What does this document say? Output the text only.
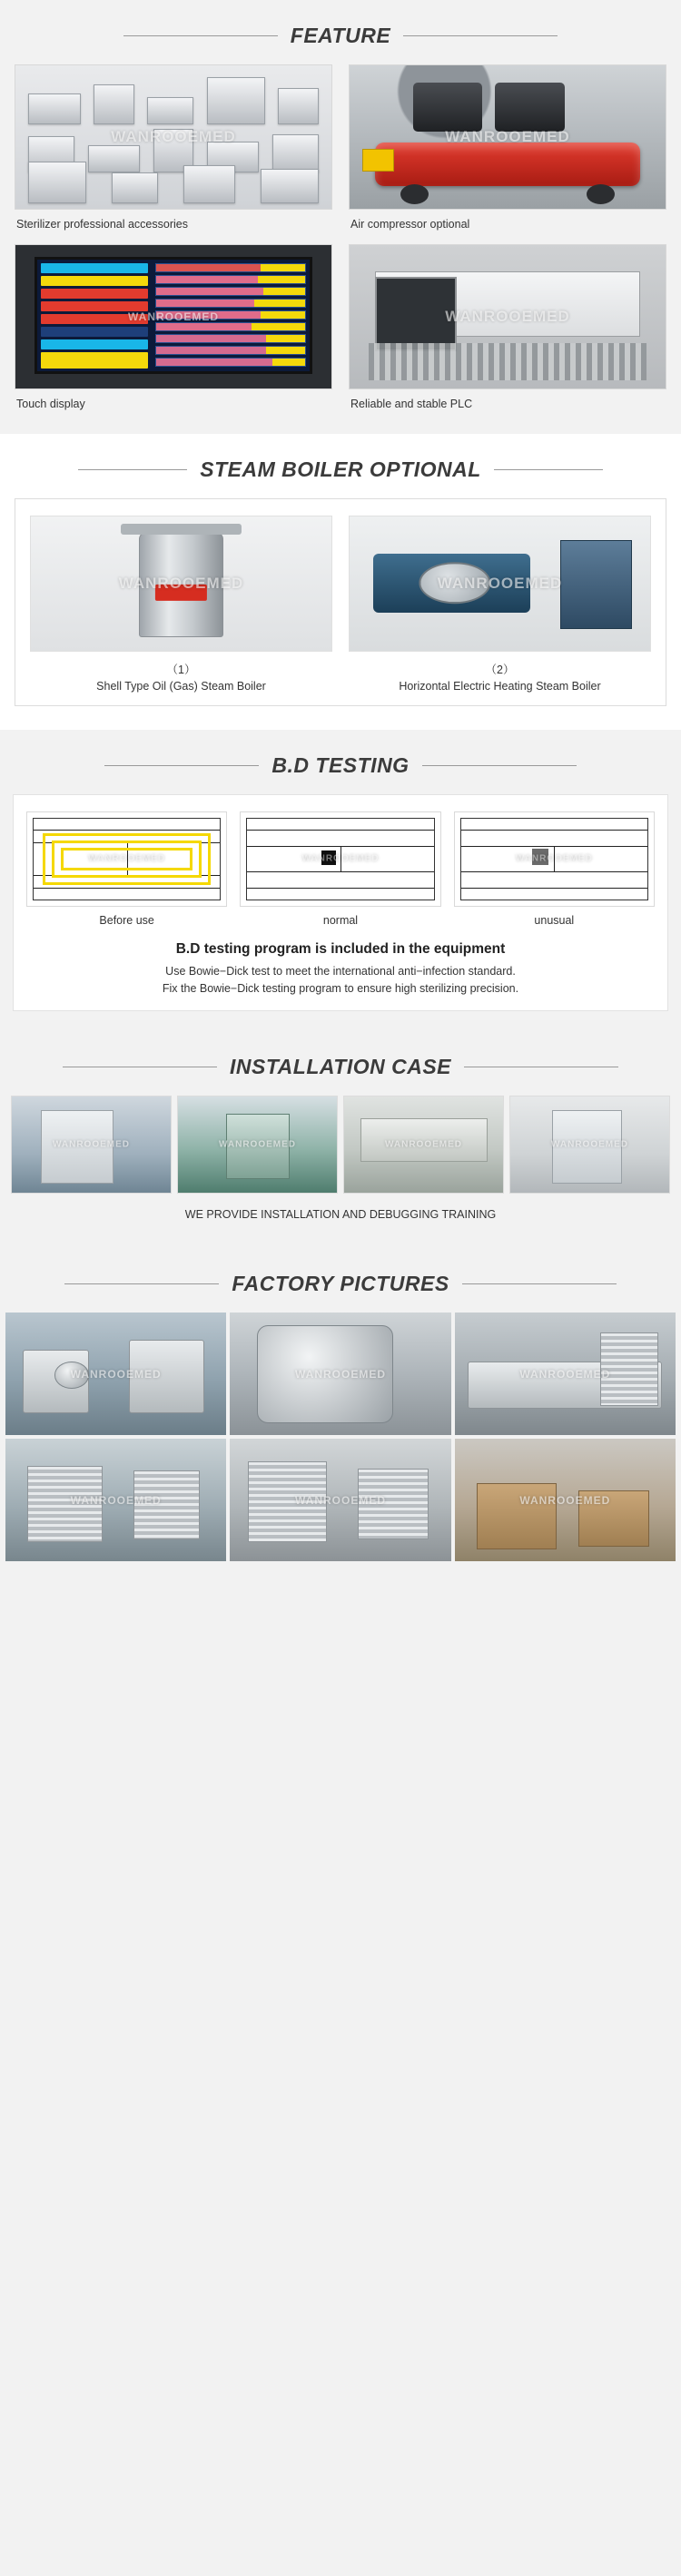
FEATURE
WANROOEMED
Sterilizer professional accessories
WANROOEMED
Air compressor optional
WANROOEMED
Touch display
WANROOEMED
Reliable and stable PLC
STEAM BOILER OPTIONAL
WANROOEMED
（1）
Shell Type Oil (Gas) Steam Boiler
WANROOEMED
（2）
Horizontal Electric Heating Steam Boiler
B.D TESTING
WANROOEMED
Before use
WANROOEMED
normal
WANROOEMED
unusual
B.D testing program is included in the equipment
Use Bowie−Dick test to meet the international anti−infection standard.
Fix the Bowie−Dick testing program to ensure high sterilizing precision.
INSTALLATION CASE
WANROOEMED	WANROOEMED	WANROOEMED	WANROOEMED
WE PROVIDE INSTALLATION AND DEBUGGING TRAINING
FACTORY PICTURES
WANROOEMED	WANROOEMED	WANROOEMED
WANROOEMED	WANROOEMED	WANROOEMED
